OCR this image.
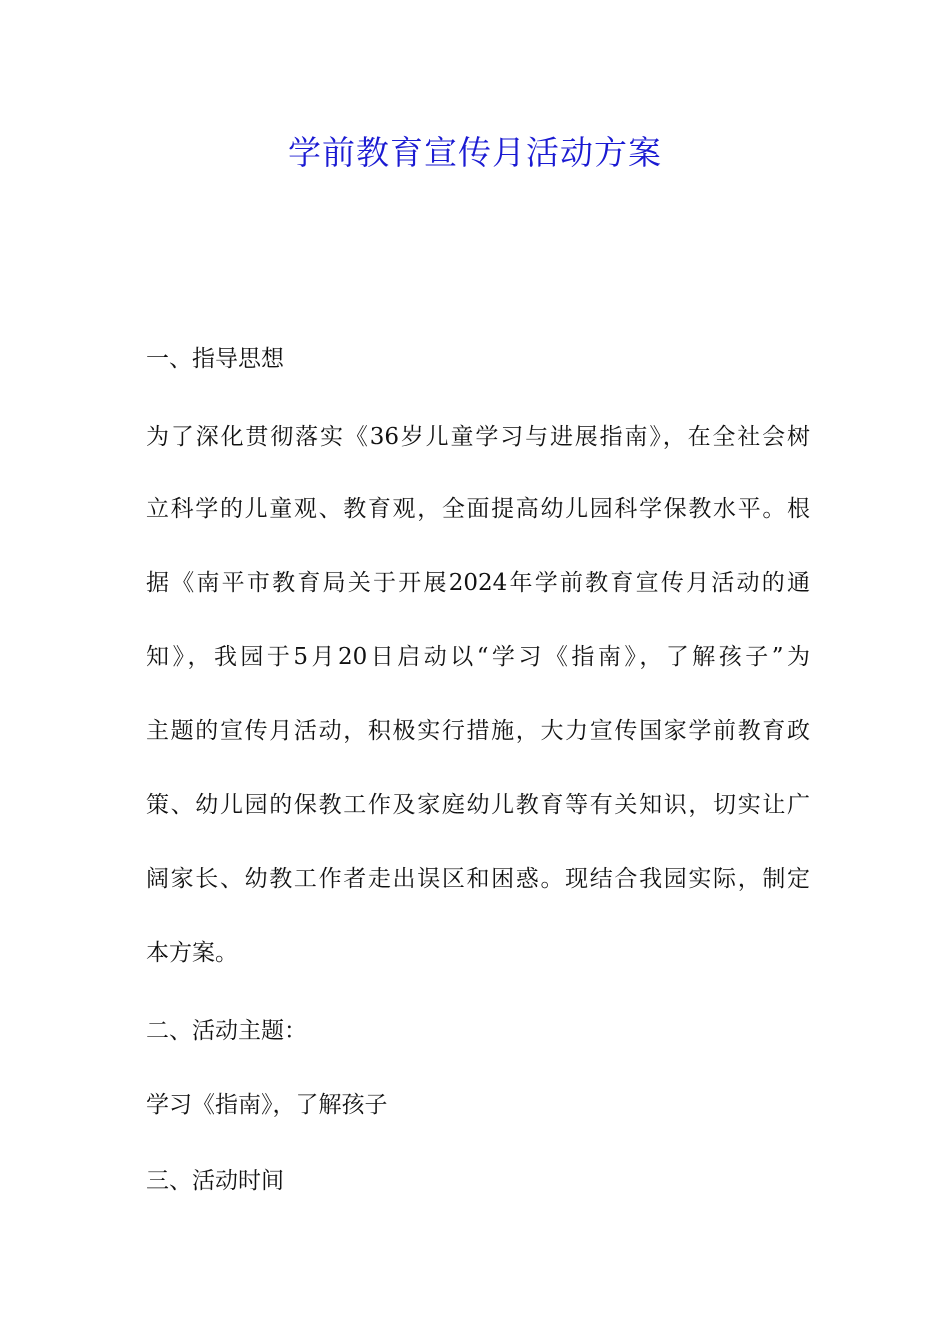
学前教育宣传月活动方案

一、指导思想

为了深化贯彻落实《36岁儿童学习与进展指南》，在全社会树

立科学的儿童观、教育观，全面提高幼儿园科学保教水平。根

据《南平市教育局关于开展2024年学前教育宣传月活动的通

知》，我园于5月20日启动以“学习《指南》，了解孩子”为

主题的宣传月活动，积极实行措施，大力宣传国家学前教育政

策、幼儿园的保教工作及家庭幼儿教育等有关知识，切实让广

阔家长、幼教工作者走出误区和困惑。现结合我园实际，制定

本方案。

二、活动主题：

学习《指南》，了解孩子

三、活动时间
